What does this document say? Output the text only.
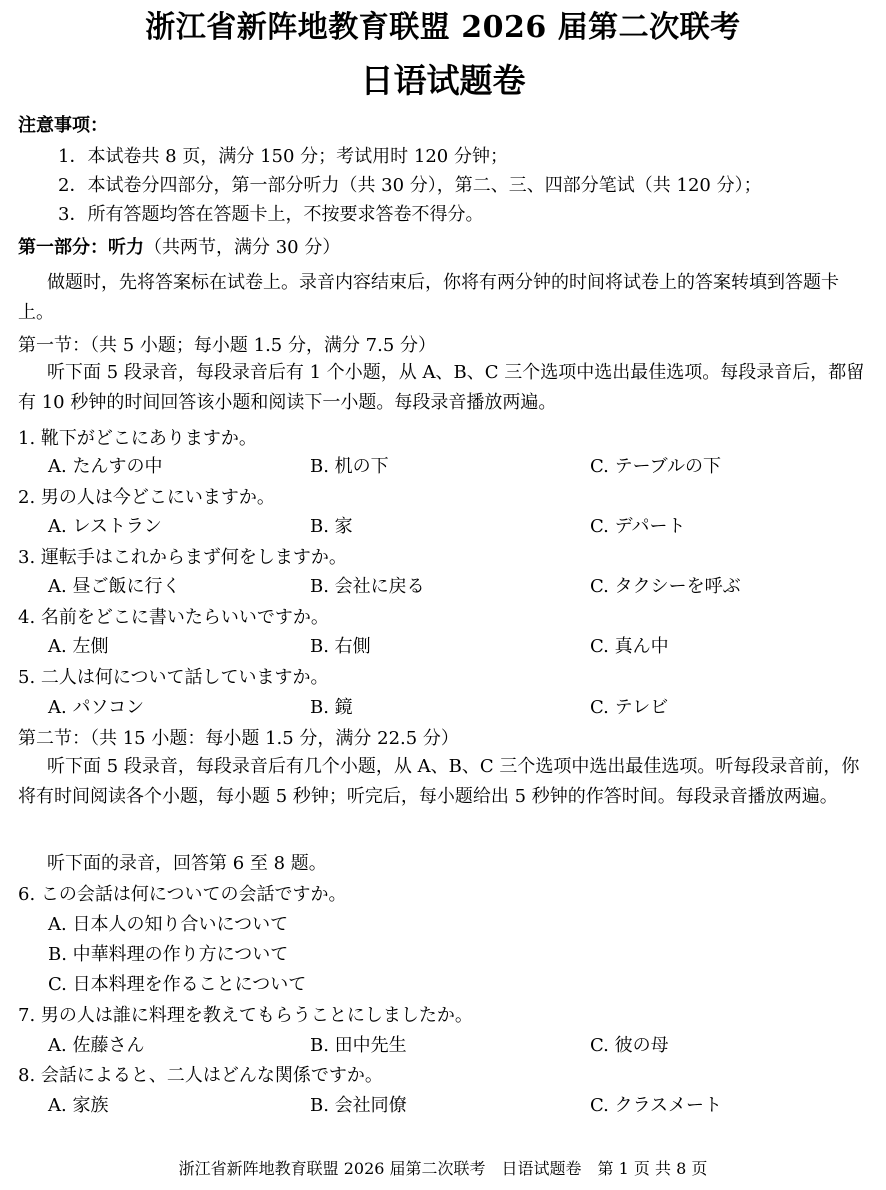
浙江省新阵地教育联盟 2026 届第二次联考
日语试题卷
注意事项：
1．本试卷共 8 页，满分 150 分；考试用时 120 分钟；
2．本试卷分四部分，第一部分听力（共 30 分），第二、三、四部分笔试（共 120 分）；
3．所有答题均答在答题卡上，不按要求答卷不得分。
第一部分：听力（共两节，满分 30 分）
做题时，先将答案标在试卷上。录音内容结束后，你将有两分钟的时间将试卷上的答案转填到答题卡上。
第一节：（共 5 小题；每小题 1.5 分，满分 7.5 分）
听下面 5 段录音，每段录音后有 1 个小题，从 A、B、C 三个选项中选出最佳选项。每段录音后，都留有 10 秒钟的时间回答该小题和阅读下一小题。每段录音播放两遍。
1. 靴下がどこにありますか。
A. たんすの中	B. 机の下	C. テーブルの下
2. 男の人は今どこにいますか。
A. レストラン	B. 家	C. デパート
3. 運転手はこれからまず何をしますか。
A. 昼ご飯に行く	B. 会社に戻る	C. タクシーを呼ぶ
4. 名前をどこに書いたらいいですか。
A. 左側	B. 右側	C. 真ん中
5. 二人は何について話していますか。
A. パソコン	B. 鏡	C. テレビ
第二节：（共 15 小题：每小题 1.5 分，满分 22.5 分）
听下面 5 段录音，每段录音后有几个小题，从 A、B、C 三个选项中选出最佳选项。听每段录音前，你将有时间阅读各个小题，每小题 5 秒钟；听完后，每小题给出 5 秒钟的作答时间。每段录音播放两遍。
听下面的录音，回答第 6 至 8 题。
6. この会話は何についての会話ですか。
A. 日本人の知り合いについて
B. 中華料理の作り方について
C. 日本料理を作ることについて
7. 男の人は誰に料理を教えてもらうことにしましたか。
A. 佐藤さん	B. 田中先生	C. 彼の母
8. 会話によると、二人はどんな関係ですか。
A. 家族	B. 会社同僚	C. クラスメート
浙江省新阵地教育联盟 2026 届第二次联考　日语试题卷　第 1 页 共 8 页
